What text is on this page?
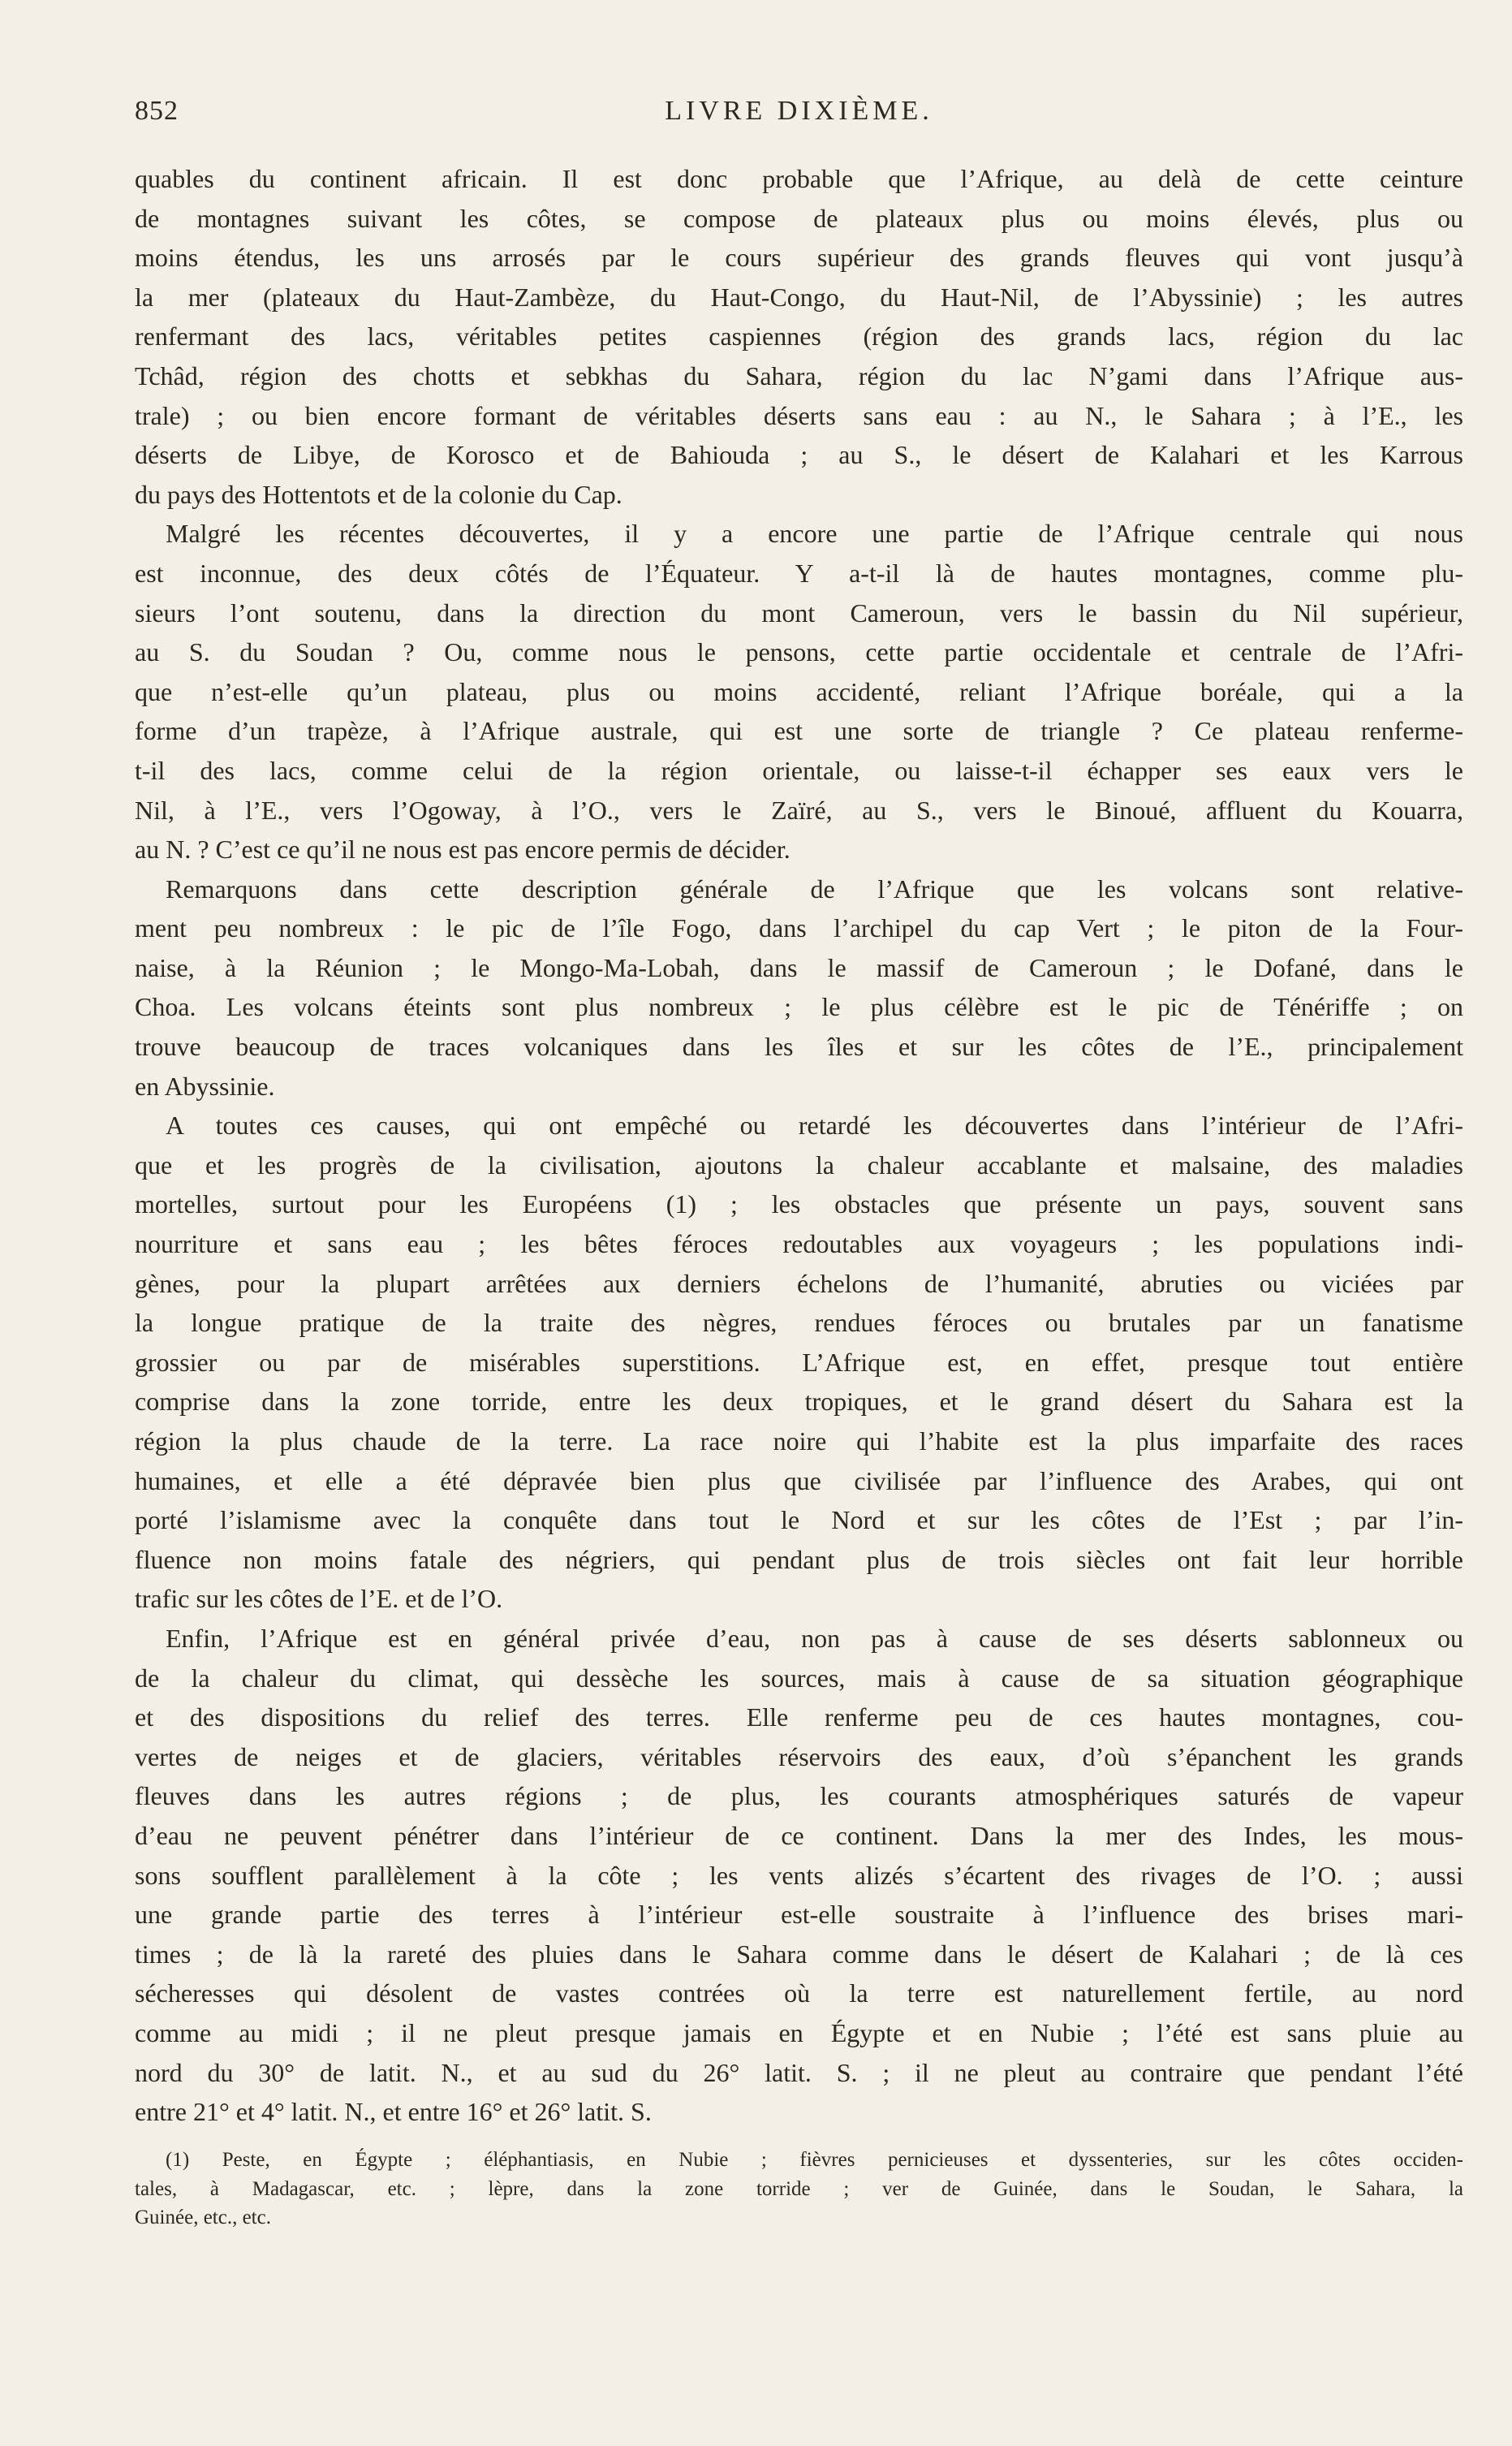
852	LIVRE DIXIÈME.
quables du continent africain. Il est donc probable que l’Afrique, au delà de cette ceinture
de montagnes suivant les côtes, se compose de plateaux plus ou moins élevés, plus ou
moins étendus, les uns arrosés par le cours supérieur des grands fleuves qui vont jusqu’à
la mer (plateaux du Haut-Zambèze, du Haut-Congo, du Haut-Nil, de l’Abyssinie) ; les autres
renfermant des lacs, véritables petites caspiennes (région des grands lacs, région du lac
Tchâd, région des chotts et sebkhas du Sahara, région du lac N’gami dans l’Afrique aus-
trale) ; ou bien encore formant de véritables déserts sans eau : au N., le Sahara ; à l’E., les
déserts de Libye, de Korosco et de Bahiouda ; au S., le désert de Kalahari et les Karrous
du pays des Hottentots et de la colonie du Cap.
Malgré les récentes découvertes, il y a encore une partie de l’Afrique centrale qui nous
est inconnue, des deux côtés de l’Équateur. Y a-t-il là de hautes montagnes, comme plu-
sieurs l’ont soutenu, dans la direction du mont Cameroun, vers le bassin du Nil supérieur,
au S. du Soudan ? Ou, comme nous le pensons, cette partie occidentale et centrale de l’Afri-
que n’est-elle qu’un plateau, plus ou moins accidenté, reliant l’Afrique boréale, qui a la
forme d’un trapèze, à l’Afrique australe, qui est une sorte de triangle ? Ce plateau renferme-
t-il des lacs, comme celui de la région orientale, ou laisse-t-il échapper ses eaux vers le
Nil, à l’E., vers l’Ogoway, à l’O., vers le Zaïré, au S., vers le Binoué, affluent du Kouarra,
au N. ? C’est ce qu’il ne nous est pas encore permis de décider.
Remarquons dans cette description générale de l’Afrique que les volcans sont relative-
ment peu nombreux : le pic de l’île Fogo, dans l’archipel du cap Vert ; le piton de la Four-
naise, à la Réunion ; le Mongo-Ma-Lobah, dans le massif de Cameroun ; le Dofané, dans le
Choa. Les volcans éteints sont plus nombreux ; le plus célèbre est le pic de Ténériffe ; on
trouve beaucoup de traces volcaniques dans les îles et sur les côtes de l’E., principalement
en Abyssinie.
A toutes ces causes, qui ont empêché ou retardé les découvertes dans l’intérieur de l’Afri-
que et les progrès de la civilisation, ajoutons la chaleur accablante et malsaine, des maladies
mortelles, surtout pour les Européens (1) ; les obstacles que présente un pays, souvent sans
nourriture et sans eau ; les bêtes féroces redoutables aux voyageurs ; les populations indi-
gènes, pour la plupart arrêtées aux derniers échelons de l’humanité, abruties ou viciées par
la longue pratique de la traite des nègres, rendues féroces ou brutales par un fanatisme
grossier ou par de misérables superstitions. L’Afrique est, en effet, presque tout entière
comprise dans la zone torride, entre les deux tropiques, et le grand désert du Sahara est la
région la plus chaude de la terre. La race noire qui l’habite est la plus imparfaite des races
humaines, et elle a été dépravée bien plus que civilisée par l’influence des Arabes, qui ont
porté l’islamisme avec la conquête dans tout le Nord et sur les côtes de l’Est ; par l’in-
fluence non moins fatale des négriers, qui pendant plus de trois siècles ont fait leur horrible
trafic sur les côtes de l’E. et de l’O.
Enfin, l’Afrique est en général privée d’eau, non pas à cause de ses déserts sablonneux ou
de la chaleur du climat, qui dessèche les sources, mais à cause de sa situation géographique
et des dispositions du relief des terres. Elle renferme peu de ces hautes montagnes, cou-
vertes de neiges et de glaciers, véritables réservoirs des eaux, d’où s’épanchent les grands
fleuves dans les autres régions ; de plus, les courants atmosphériques saturés de vapeur
d’eau ne peuvent pénétrer dans l’intérieur de ce continent. Dans la mer des Indes, les mous-
sons soufflent parallèlement à la côte ; les vents alizés s’écartent des rivages de l’O. ; aussi
une grande partie des terres à l’intérieur est-elle soustraite à l’influence des brises mari-
times ; de là la rareté des pluies dans le Sahara comme dans le désert de Kalahari ; de là ces
sécheresses qui désolent de vastes contrées où la terre est naturellement fertile, au nord
comme au midi ; il ne pleut presque jamais en Égypte et en Nubie ; l’été est sans pluie au
nord du 30° de latit. N., et au sud du 26° latit. S. ; il ne pleut au contraire que pendant l’été
entre 21° et 4° latit. N., et entre 16° et 26° latit. S.
(1) Peste, en Égypte ; éléphantiasis, en Nubie ; fièvres pernicieuses et dyssenteries, sur les côtes occiden-
tales, à Madagascar, etc. ; lèpre, dans la zone torride ; ver de Guinée, dans le Soudan, le Sahara, la
Guinée, etc., etc.
